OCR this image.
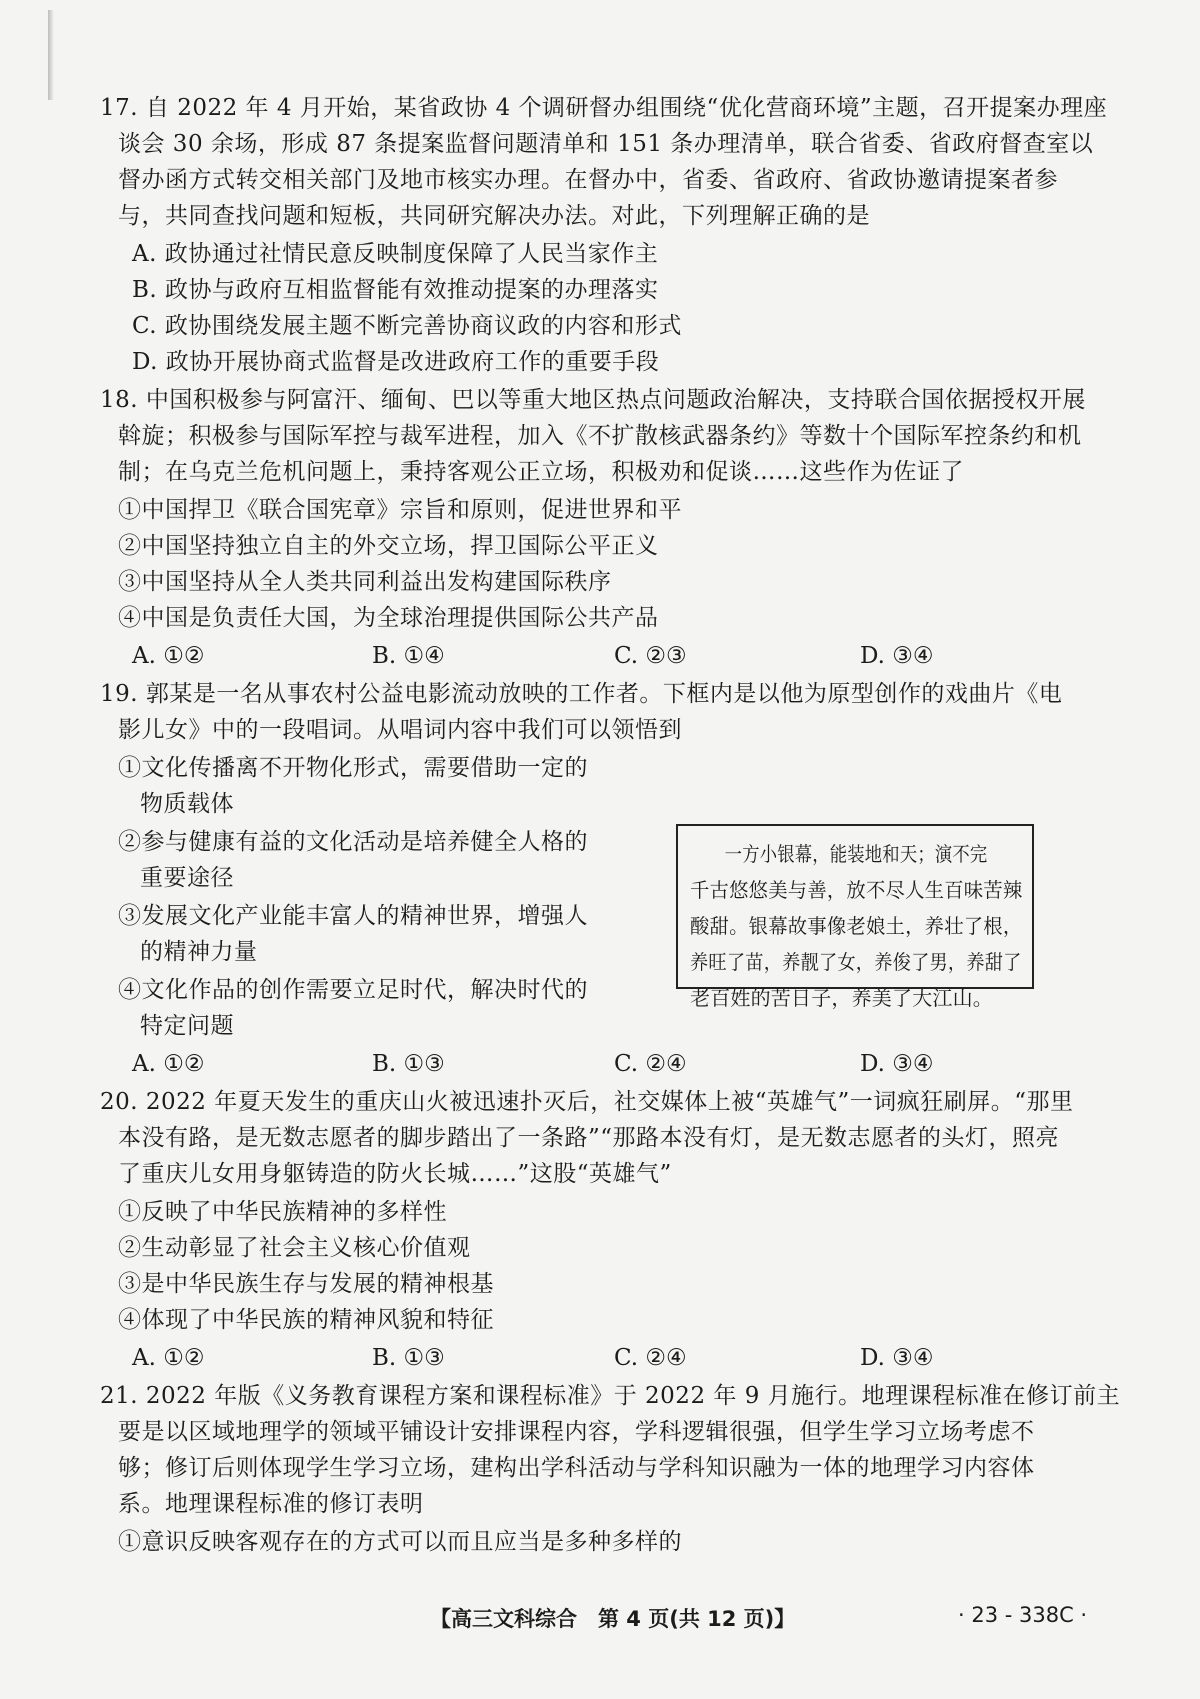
17. 自 2022 年 4 月开始，某省政协 4 个调研督办组围绕“优化营商环境”主题，召开提案办理座
谈会 30 余场，形成 87 条提案监督问题清单和 151 条办理清单，联合省委、省政府督查室以
督办函方式转交相关部门及地市核实办理。在督办中，省委、省政府、省政协邀请提案者参
与，共同查找问题和短板，共同研究解决办法。对此，下列理解正确的是
A. 政协通过社情民意反映制度保障了人民当家作主
B. 政协与政府互相监督能有效推动提案的办理落实
C. 政协围绕发展主题不断完善协商议政的内容和形式
D. 政协开展协商式监督是改进政府工作的重要手段
18. 中国积极参与阿富汗、缅甸、巴以等重大地区热点问题政治解决，支持联合国依据授权开展
斡旋；积极参与国际军控与裁军进程，加入《不扩散核武器条约》等数十个国际军控条约和机
制；在乌克兰危机问题上，秉持客观公正立场，积极劝和促谈……这些作为佐证了
①中国捍卫《联合国宪章》宗旨和原则，促进世界和平
②中国坚持独立自主的外交立场，捍卫国际公平正义
③中国坚持从全人类共同利益出发构建国际秩序
④中国是负责任大国，为全球治理提供国际公共产品
A. ①②	B. ①④	C. ②③	D. ③④
19. 郭某是一名从事农村公益电影流动放映的工作者。下框内是以他为原型创作的戏曲片《电
影儿女》中的一段唱词。从唱词内容中我们可以领悟到
①文化传播离不开物化形式，需要借助一定的
物质载体
②参与健康有益的文化活动是培养健全人格的
重要途径
③发展文化产业能丰富人的精神世界，增强人
的精神力量
④文化作品的创作需要立足时代，解决时代的
特定问题
一方小银幕，能装地和天；演不完
千古悠悠美与善，放不尽人生百味苦辣
酸甜。银幕故事像老娘土，养壮了根，
养旺了苗，养靓了女，养俊了男，养甜了
老百姓的苦日子，养美了大江山。
A. ①②	B. ①③	C. ②④	D. ③④
20. 2022 年夏天发生的重庆山火被迅速扑灭后，社交媒体上被“英雄气”一词疯狂刷屏。“那里
本没有路，是无数志愿者的脚步踏出了一条路”“那路本没有灯，是无数志愿者的头灯，照亮
了重庆儿女用身躯铸造的防火长城……”这股“英雄气”
①反映了中华民族精神的多样性
②生动彰显了社会主义核心价值观
③是中华民族生存与发展的精神根基
④体现了中华民族的精神风貌和特征
A. ①②	B. ①③	C. ②④	D. ③④
21. 2022 年版《义务教育课程方案和课程标准》于 2022 年 9 月施行。地理课程标准在修订前主
要是以区域地理学的领域平铺设计安排课程内容，学科逻辑很强，但学生学习立场考虑不
够；修订后则体现学生学习立场，建构出学科活动与学科知识融为一体的地理学习内容体
系。地理课程标准的修订表明
①意识反映客观存在的方式可以而且应当是多种多样的
【高三文科综合　第 4 页(共 12 页)】	· 23 - 338C ·
